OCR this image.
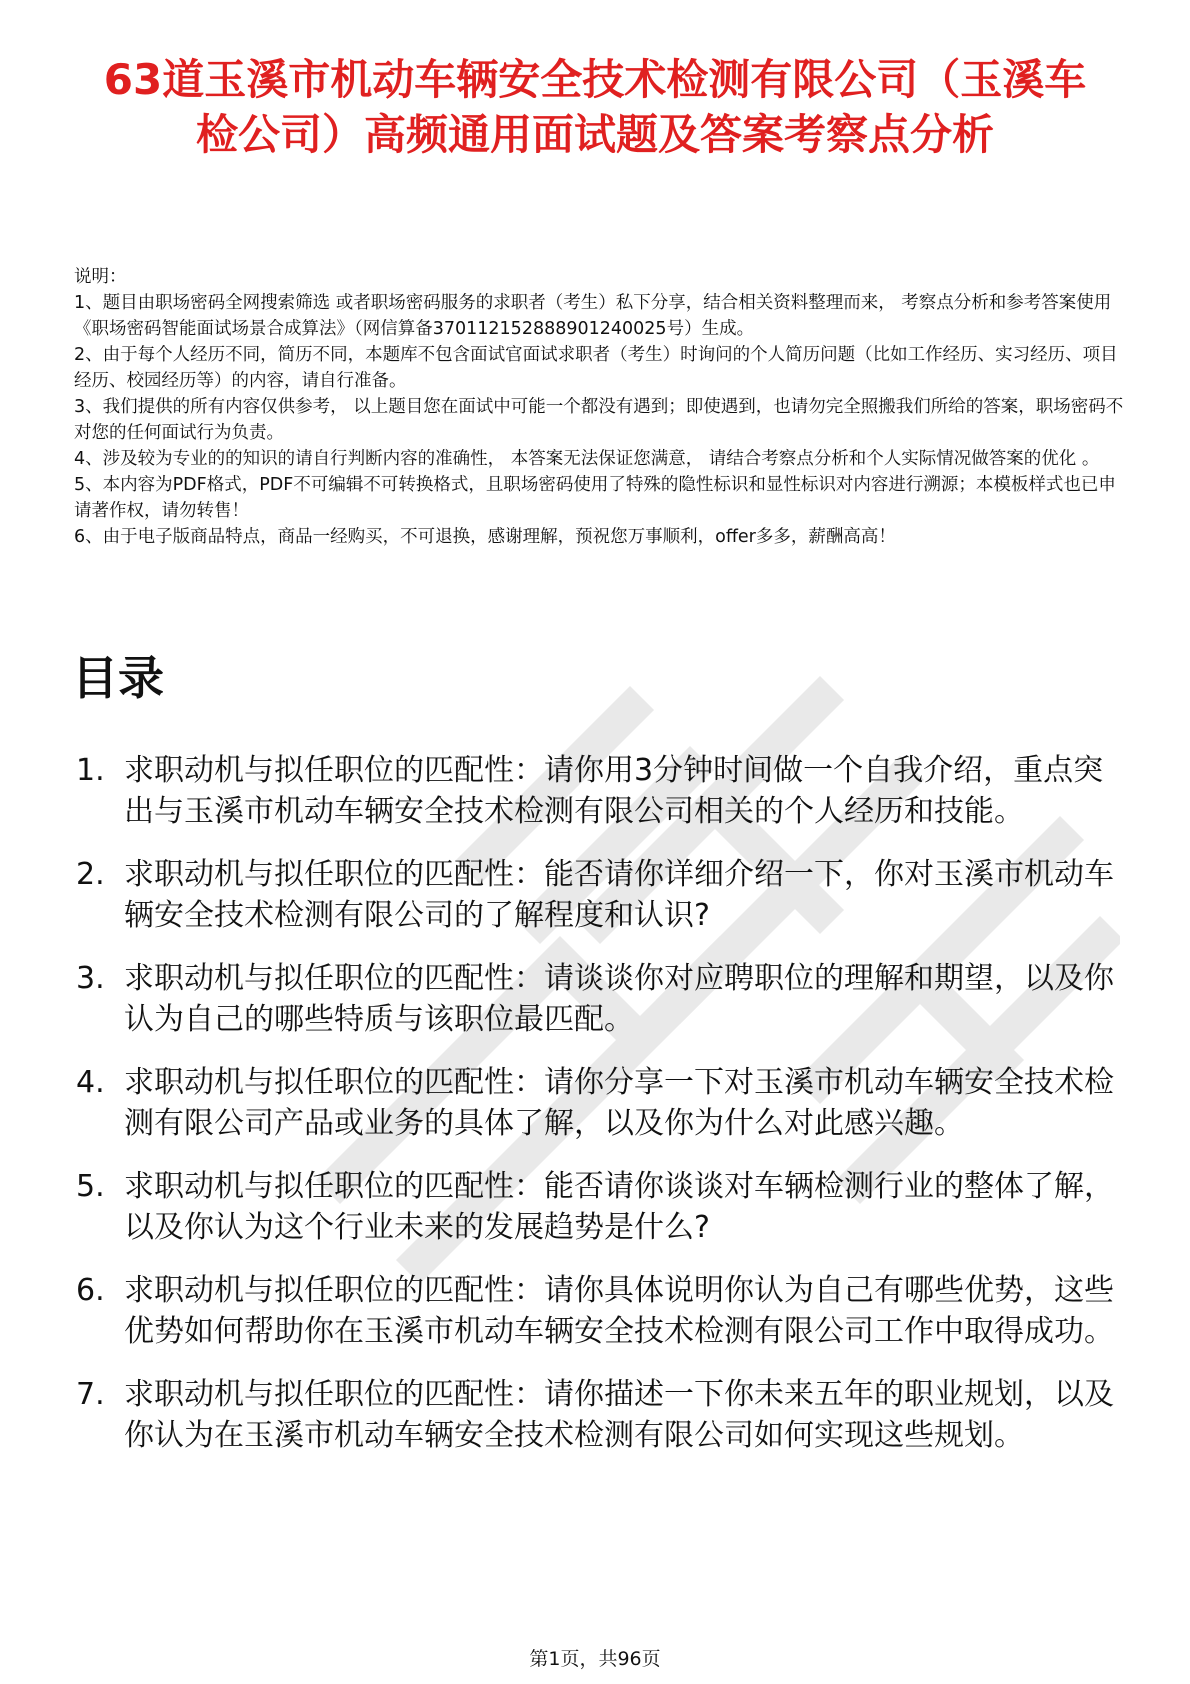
63道玉溪市机动车辆安全技术检测有限公司（玉溪车检公司）高频通用面试题及答案考察点分析

说明：

1、题目由职场密码全网搜索筛选 或者职场密码服务的求职者（考生）私下分享，结合相关资料整理而来， 考察点分析和参考答案使用《职场密码智能面试场景合成算法》（网信算备370112152888901240025号）生成。

2、由于每个人经历不同，简历不同，本题库不包含面试官面试求职者（考生）时询问的个人简历问题（比如工作经历、实习经历、项目经历、校园经历等）的内容，请自行准备。

3、我们提供的所有内容仅供参考， 以上题目您在面试中可能一个都没有遇到；即使遇到，也请勿完全照搬我们所给的答案，职场密码不对您的任何面试行为负责。

4、涉及较为专业的的知识的请自行判断内容的准确性， 本答案无法保证您满意， 请结合考察点分析和个人实际情况做答案的优化 。

5、本内容为PDF格式，PDF不可编辑不可转换格式，且职场密码使用了特殊的隐性标识和显性标识对内容进行溯源；本模板样式也已申请著作权，请勿转售！

6、由于电子版商品特点，商品一经购买，不可退换，感谢理解，预祝您万事顺利，offer多多，薪酬高高！

目录
1. 求职动机与拟任职位的匹配性：请你用3分钟时间做一个自我介绍，重点突出与玉溪市机动车辆安全技术检测有限公司相关的个人经历和技能。
2. 求职动机与拟任职位的匹配性：能否请你详细介绍一下，你对玉溪市机动车辆安全技术检测有限公司的了解程度和认识?
3. 求职动机与拟任职位的匹配性：请谈谈你对应聘职位的理解和期望，以及你认为自己的哪些特质与该职位最匹配。
4. 求职动机与拟任职位的匹配性：请你分享一下对玉溪市机动车辆安全技术检测有限公司产品或业务的具体了解，以及你为什么对此感兴趣。
5. 求职动机与拟任职位的匹配性：能否请你谈谈对车辆检测行业的整体了解，以及你认为这个行业未来的发展趋势是什么?
6. 求职动机与拟任职位的匹配性：请你具体说明你认为自己有哪些优势，这些优势如何帮助你在玉溪市机动车辆安全技术检测有限公司工作中取得成功。
7. 求职动机与拟任职位的匹配性：请你描述一下你未来五年的职业规划，以及你认为在玉溪市机动车辆安全技术检测有限公司如何实现这些规划。
第1页，共96页
